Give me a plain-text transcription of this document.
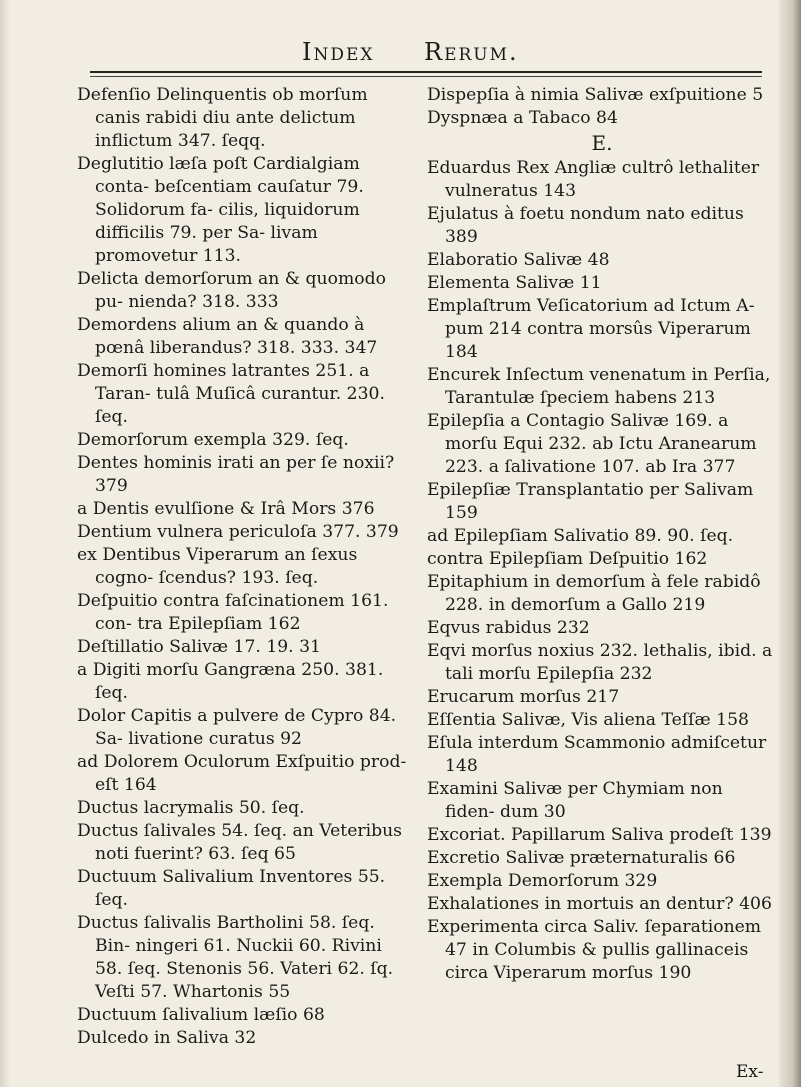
Index Rerum.
Defenſio Delinquentis ob morſum canis rabidi diu ante delictum inflictum 347. ſeqq.
Deglutitio læſa poſt Cardialgiam conta- beſcentiam cauſatur 79. Solidorum fa- cilis, liquidorum difficilis 79. per Sa- livam promovetur 113.
Delicta demorſorum an & quomodo pu- nienda? 318. 333
Demordens alium an & quando à pœnâ liberandus? 318. 333. 347
Demorſi homines latrantes 251. a Taran- tulâ Muſicâ curantur. 230. ſeq.
Demorſorum exempla 329. ſeq.
Dentes hominis irati an per ſe noxii? 379
a Dentis evulſione & Irâ Mors 376
Dentium vulnera periculoſa 377. 379
ex Dentibus Viperarum an ſexus cogno- ſcendus? 193. ſeq.
Deſpuitio contra faſcinationem 161. con- tra Epilepſiam 162
Deſtillatio Salivæ 17. 19. 31
a Digiti morſu Gangræna 250. 381. ſeq.
Dolor Capitis a pulvere de Cypro 84. Sa- livatione curatus 92
ad Dolorem Oculorum Exſpuitio prod- eſt 164
Ductus lacrymalis 50. ſeq.
Ductus ſalivales 54. ſeq. an Veteribus noti fuerint? 63. ſeq 65
Ductuum Salivalium Inventores 55. ſeq.
Ductus ſalivalis Bartholini 58. ſeq. Bin- ningeri 61. Nuckii 60. Rivini 58. ſeq. Stenonis 56. Vateri 62. ſq. Veſti 57. Whartonis 55
Ductuum ſalivalium læſio 68
Dulcedo in Saliva 32
Dispepſia à nimia Salivæ exſpuitione 5
Dyspnæa a Tabaco 84
E.
Eduardus Rex Angliæ cultrô lethaliter vulneratus 143
Ejulatus à foetu nondum nato editus 389
Elaboratio Salivæ 48
Elementa Salivæ 11
Emplaſtrum Veſicatorium ad Ictum A- pum 214 contra morsûs Viperarum 184
Encurek Inſectum venenatum in Perſia, Tarantulæ ſpeciem habens 213
Epilepſia a Contagio Salivæ 169. a morſu Equi 232. ab Ictu Aranearum 223. a ſalivatione 107. ab Ira 377
Epilepſiæ Transplantatio per Salivam 159
ad Epilepſiam Salivatio 89. 90. ſeq.
contra Epilepſiam Deſpuitio 162
Epitaphium in demorſum à fele rabidô 228. in demorſum a Gallo 219
Eqvus rabidus 232
Eqvi morſus noxius 232. lethalis, ibid. a tali morſu Epilepſia 232
Erucarum morſus 217
Eſſentia Salivæ, Vis aliena Teſſæ 158
Eſula interdum Scammonio admiſcetur 148
Examini Salivæ per Chymiam non fiden- dum 30
Excoriat. Papillarum Saliva prodeſt 139
Excretio Salivæ præternaturalis 66
Exempla Demorſorum 329
Exhalationes in mortuis an dentur? 406
Experimenta circa Saliv. ſeparationem 47 in Columbis & pullis gallinaceis circa Viperarum morſus 190
Ex-
